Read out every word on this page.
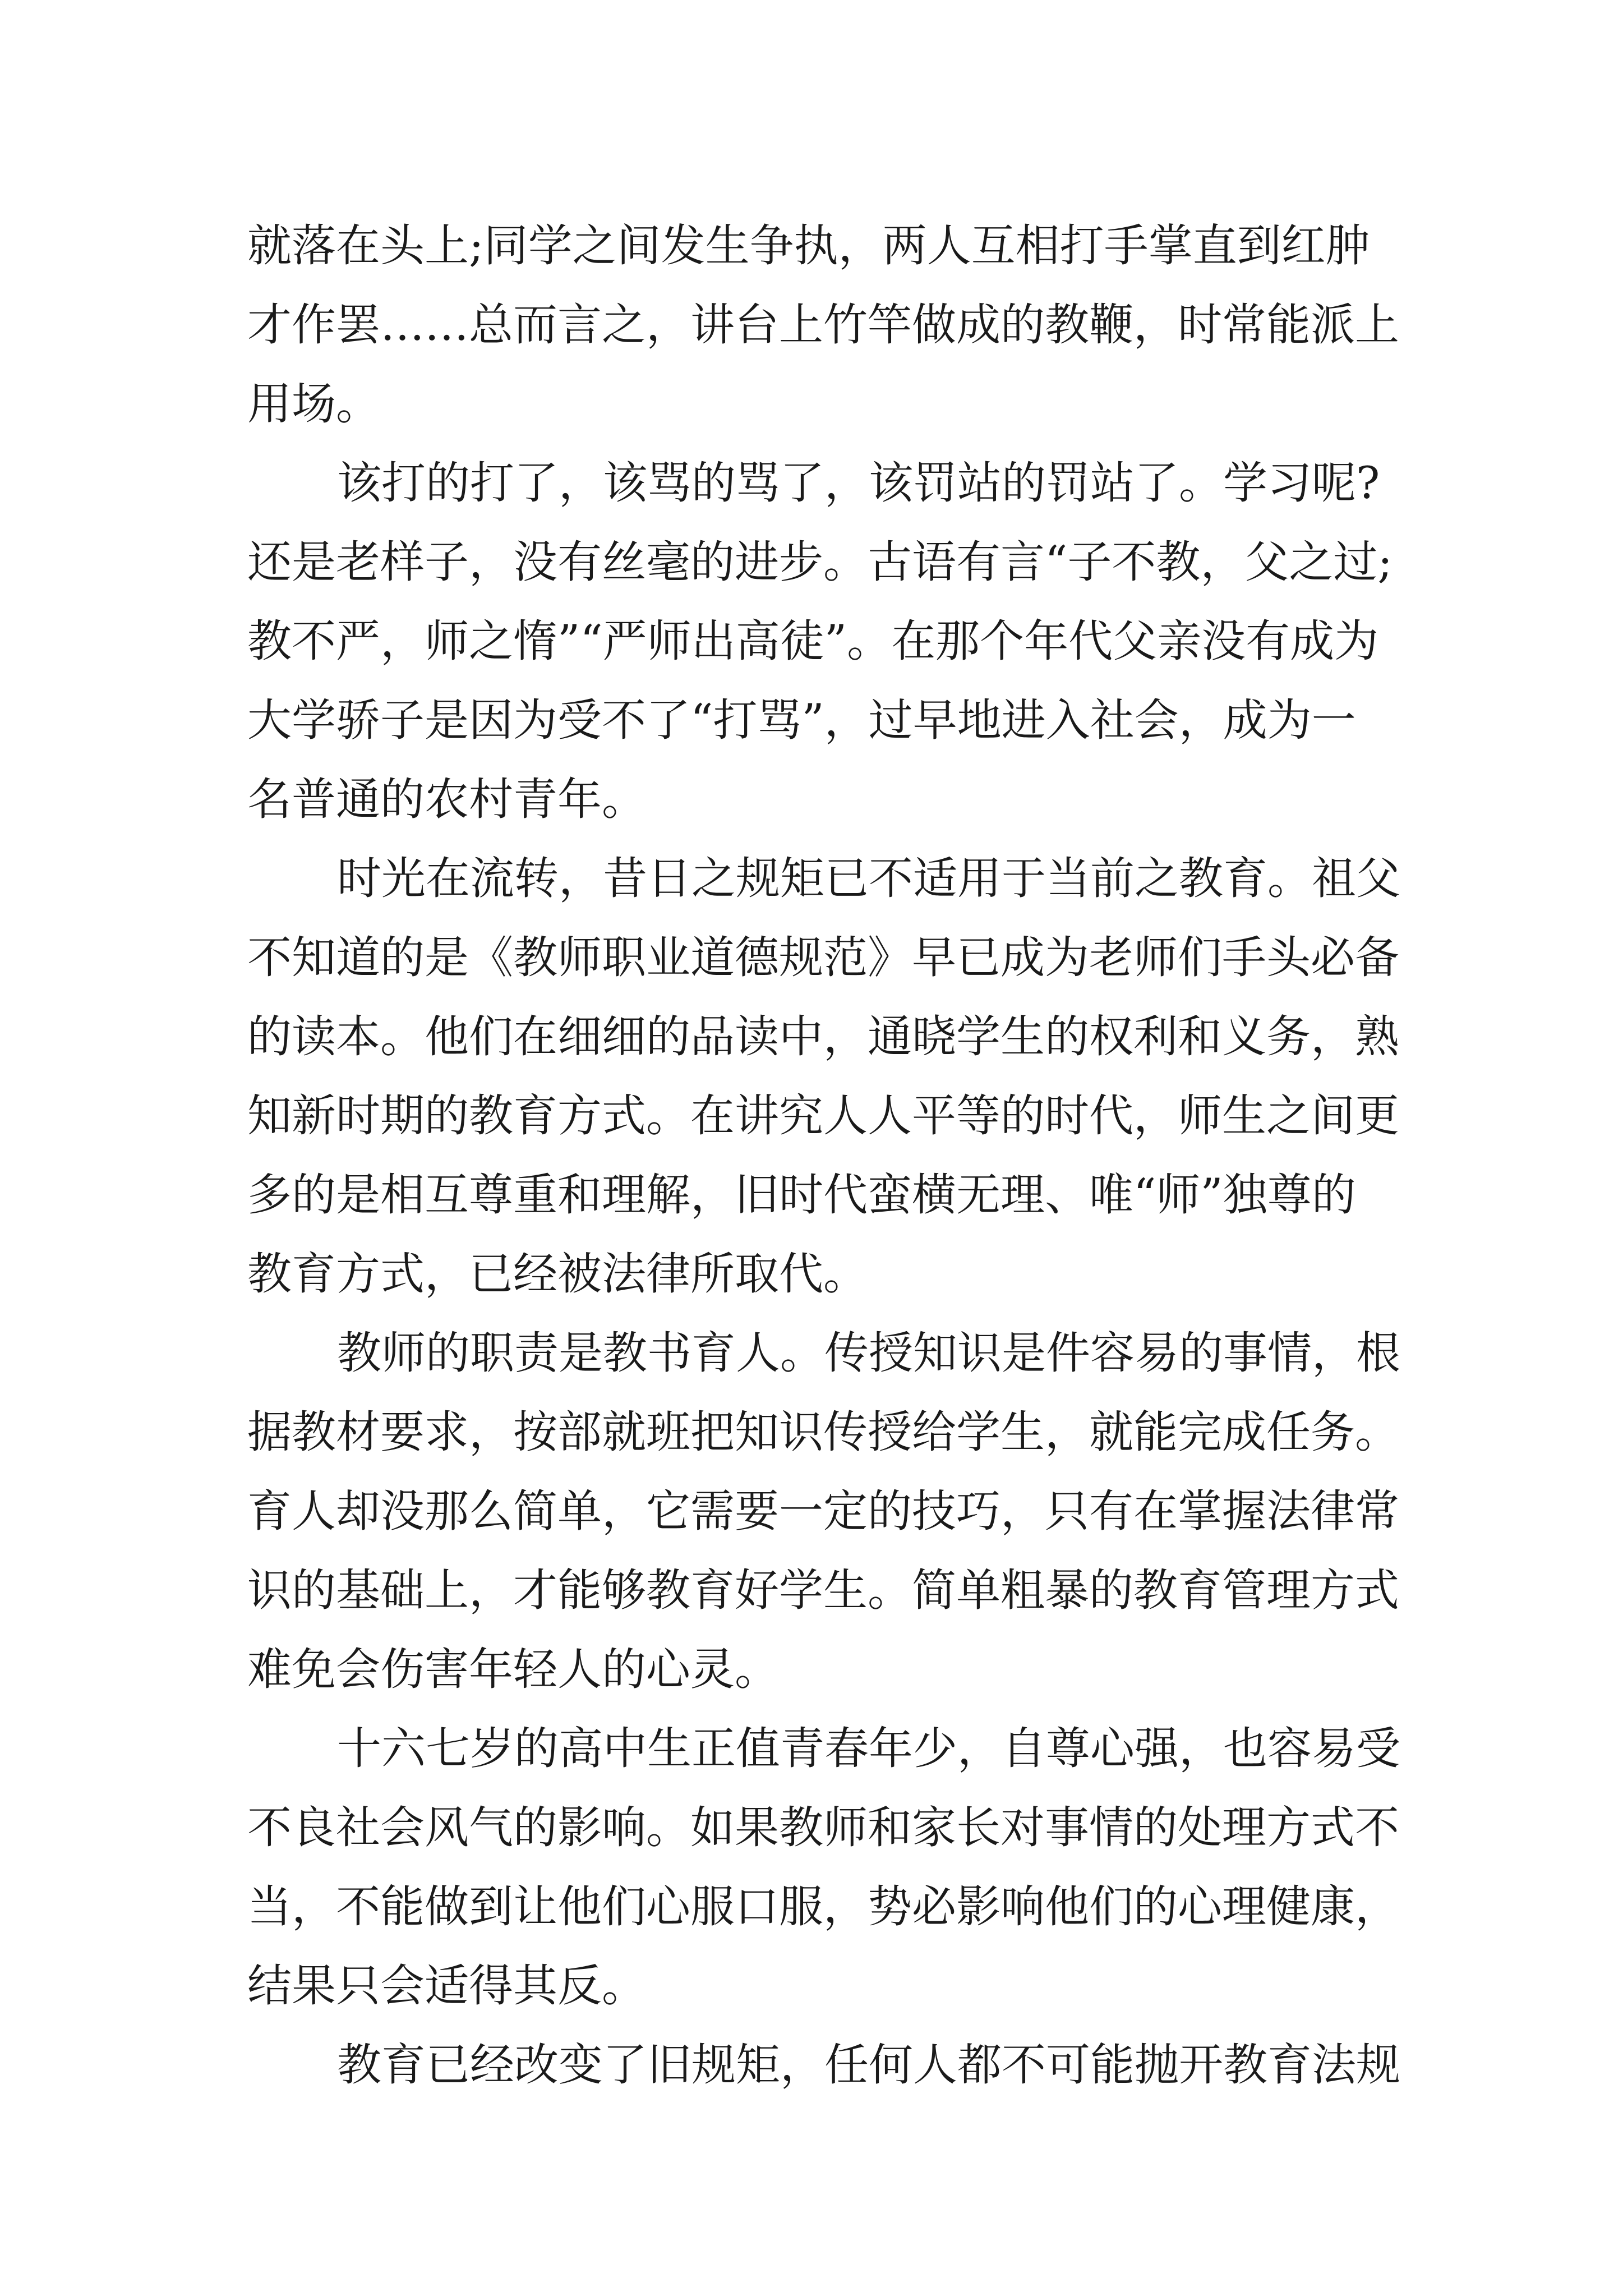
就落在头上;同学之间发生争执，两人互相打手掌直到红肿
才作罢……总而言之，讲台上竹竿做成的教鞭，时常能派上
用场。
该打的打了，该骂的骂了，该罚站的罚站了。学习呢?
还是老样子，没有丝毫的进步。古语有言“子不教，父之过;
教不严，师之惰”“严师出高徒”。在那个年代父亲没有成为
大学骄子是因为受不了“打骂”，过早地进入社会，成为一
名普通的农村青年。
时光在流转，昔日之规矩已不适用于当前之教育。祖父
不知道的是《教师职业道德规范》早已成为老师们手头必备
的读本。他们在细细的品读中，通晓学生的权利和义务，熟
知新时期的教育方式。在讲究人人平等的时代，师生之间更
多的是相互尊重和理解，旧时代蛮横无理、唯“师”独尊的
教育方式，已经被法律所取代。
教师的职责是教书育人。传授知识是件容易的事情，根
据教材要求，按部就班把知识传授给学生，就能完成任务。
育人却没那么简单，它需要一定的技巧，只有在掌握法律常
识的基础上，才能够教育好学生。简单粗暴的教育管理方式
难免会伤害年轻人的心灵。
十六七岁的高中生正值青春年少，自尊心强，也容易受
不良社会风气的影响。如果教师和家长对事情的处理方式不
当，不能做到让他们心服口服，势必影响他们的心理健康，
结果只会适得其反。
教育已经改变了旧规矩，任何人都不可能抛开教育法规
